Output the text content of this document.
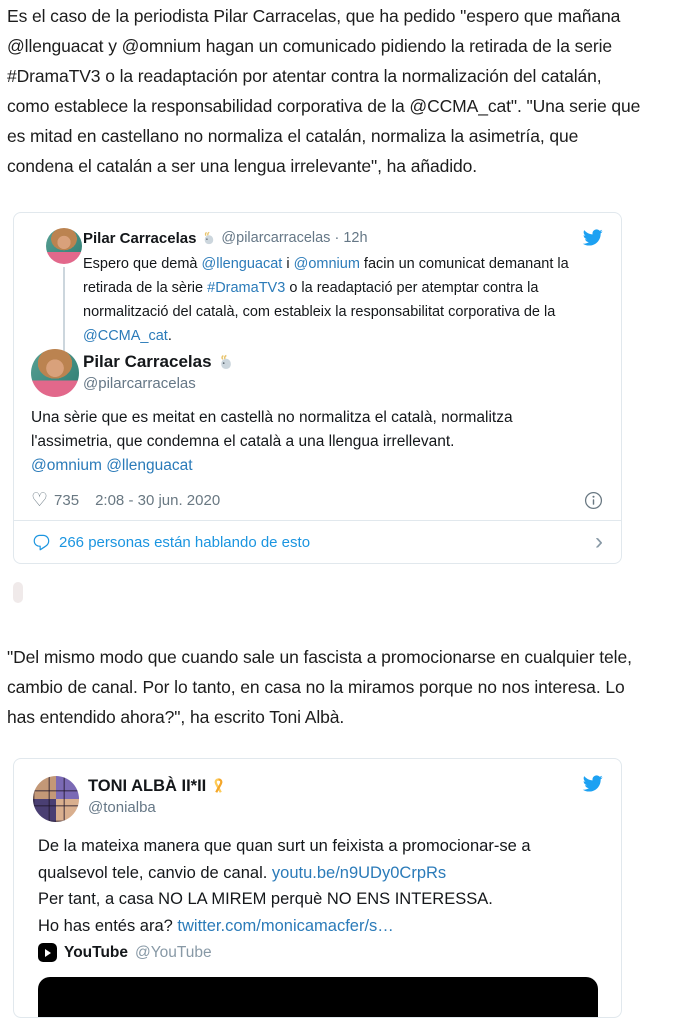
Es el caso de la periodista Pilar Carracelas, que ha pedido "espero que mañana
@llenguacat y @omnium hagan un comunicado pidiendo la retirada de la serie
#DramaTV3 o la readaptación por atentar contra la normalización del catalán,
como establece la responsabilidad corporativa de la @CCMA_cat". "Una serie que
es mitad en castellano no normaliza el catalán, normaliza la asimetría, que
condena el catalán a ser una lengua irrelevante", ha añadido.
Pilar Carracelas @pilarcarracelas · 12h
Espero que demà @llenguacat i @omnium facin un comunicat demanant la
retirada de la sèrie #DramaTV3 o la readaptació per atemptar contra la
normalització del català, com estableix la responsabilitat corporativa de la
@CCMA_cat.
Pilar Carracelas
@pilarcarracelas
Una sèrie que es meitat en castellà no normalitza el català, normalitza
l'assimetria, que condemna el català a una llengua irrellevant.
@omnium @llenguacat
♡ 735 2:08 - 30 jun. 2020
266 personas están hablando de esto	›
"Del mismo modo que cuando sale un fascista a promocionarse en cualquier tele,
cambio de canal. Por lo tanto, en casa no la miramos porque no nos interesa. Lo
has entendido ahora?", ha escrito Toni Albà.
TONI ALBÀ II*II
@tonialba
De la mateixa manera que quan surt un feixista a promocionar-se a
qualsevol tele, canvio de canal. youtu.be/n9UDy0CrpRs
Per tant, a casa NO LA MIREM perquè NO ENS INTERESSA.
Ho has entés ara? twitter.com/monicamacfer/s…
YouTube @YouTube
